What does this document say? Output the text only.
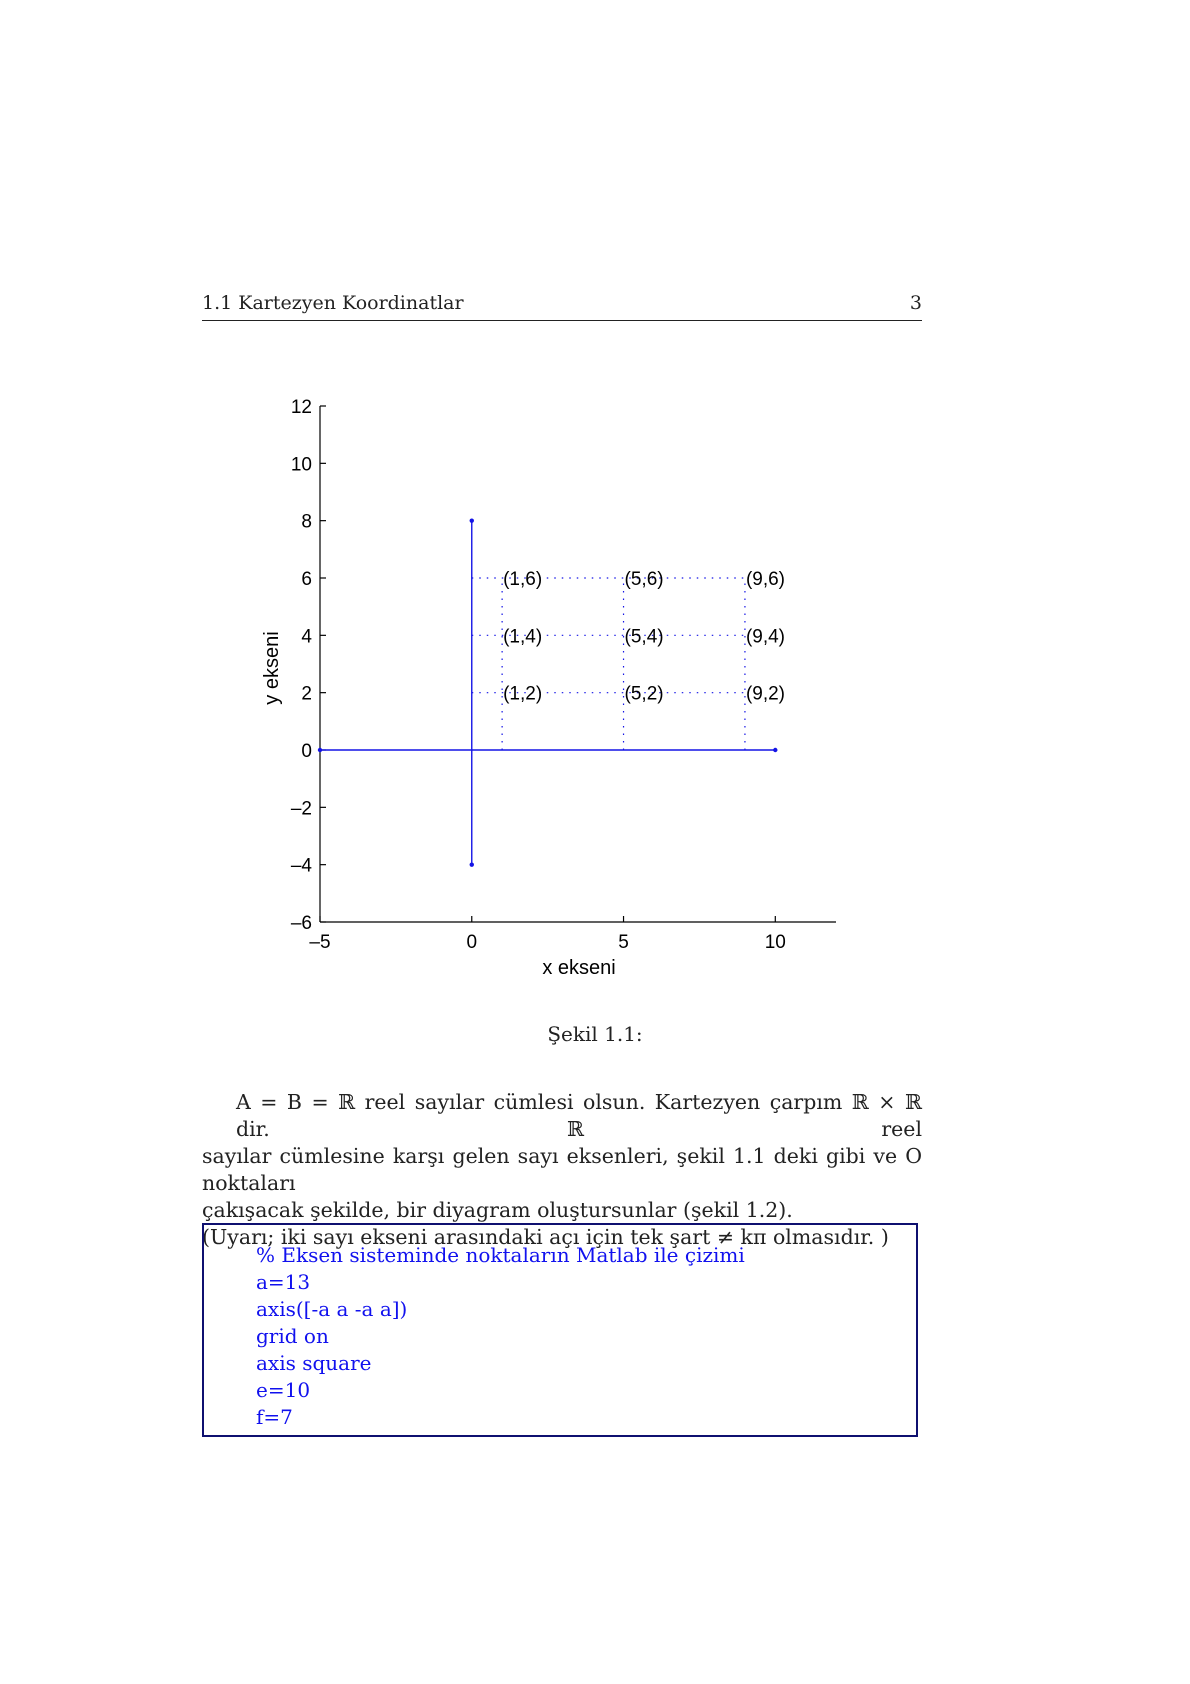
1.1 Kartezyen Koordinatlar	3
–6
–4
–2
0
2
4
6
8
10
12
–5	0	5	10
(1,6)	(5,6)	(9,6)
(1,4)	(5,4)	(9,4)
(1,2)	(5,2)	(9,2)
x ekseni
y ekseni
Şekil 1.1:
A = B = ℝ reel sayılar cümlesi olsun. Kartezyen çarpım ℝ × ℝ dir. ℝ reel
sayılar cümlesine karşı gelen sayı eksenleri, şekil 1.1 deki gibi ve O noktaları
çakışacak şekilde, bir diyagram oluştursunlar (şekil 1.2).
(Uyarı; iki sayı ekseni arasındaki açı için tek şart ≠ kπ olmasıdır. )
% Eksen sisteminde noktaların Matlab ile çizimi
a=13
axis([-a a -a a])
grid on
axis square
e=10
f=7
